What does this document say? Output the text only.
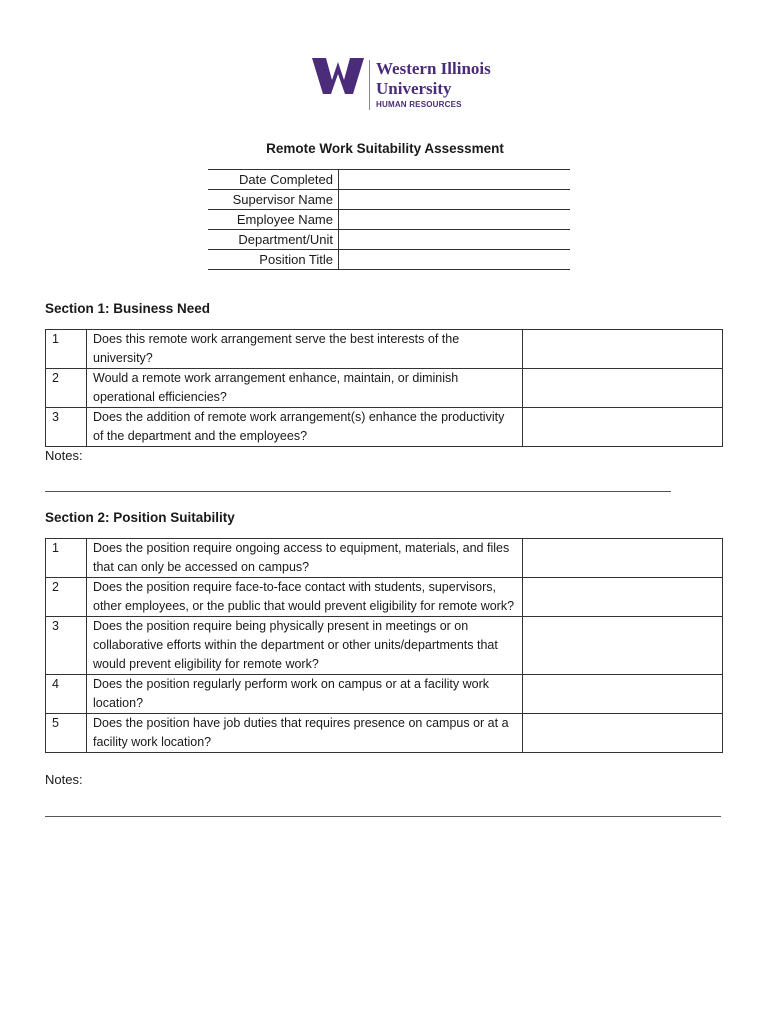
Western Illinois
University
HUMAN RESOURCES
Remote Work Suitability Assessment
Date Completed	
Supervisor Name	
Employee Name	
Department/Unit	
Position Title	
Section 1: Business Need
1	Does this remote work arrangement serve the best interests of the university?	
2	Would a remote work arrangement enhance, maintain, or diminish operational efficiencies?	
3	Does the addition of remote work arrangement(s) enhance the productivity of the department and the employees?	
Notes:
Section 2: Position Suitability
1	Does the position require ongoing access to equipment, materials, and files that can only be accessed on campus?	
2	Does the position require face-to-face contact with students, supervisors, other employees, or the public that would prevent eligibility for remote work?	
3	Does the position require being physically present in meetings or on collaborative efforts within the department or other units/departments that would prevent eligibility for remote work?	
4	Does the position regularly perform work on campus or at a facility work location?	
5	Does the position have job duties that requires presence on campus or at a facility work location?	
Notes:
